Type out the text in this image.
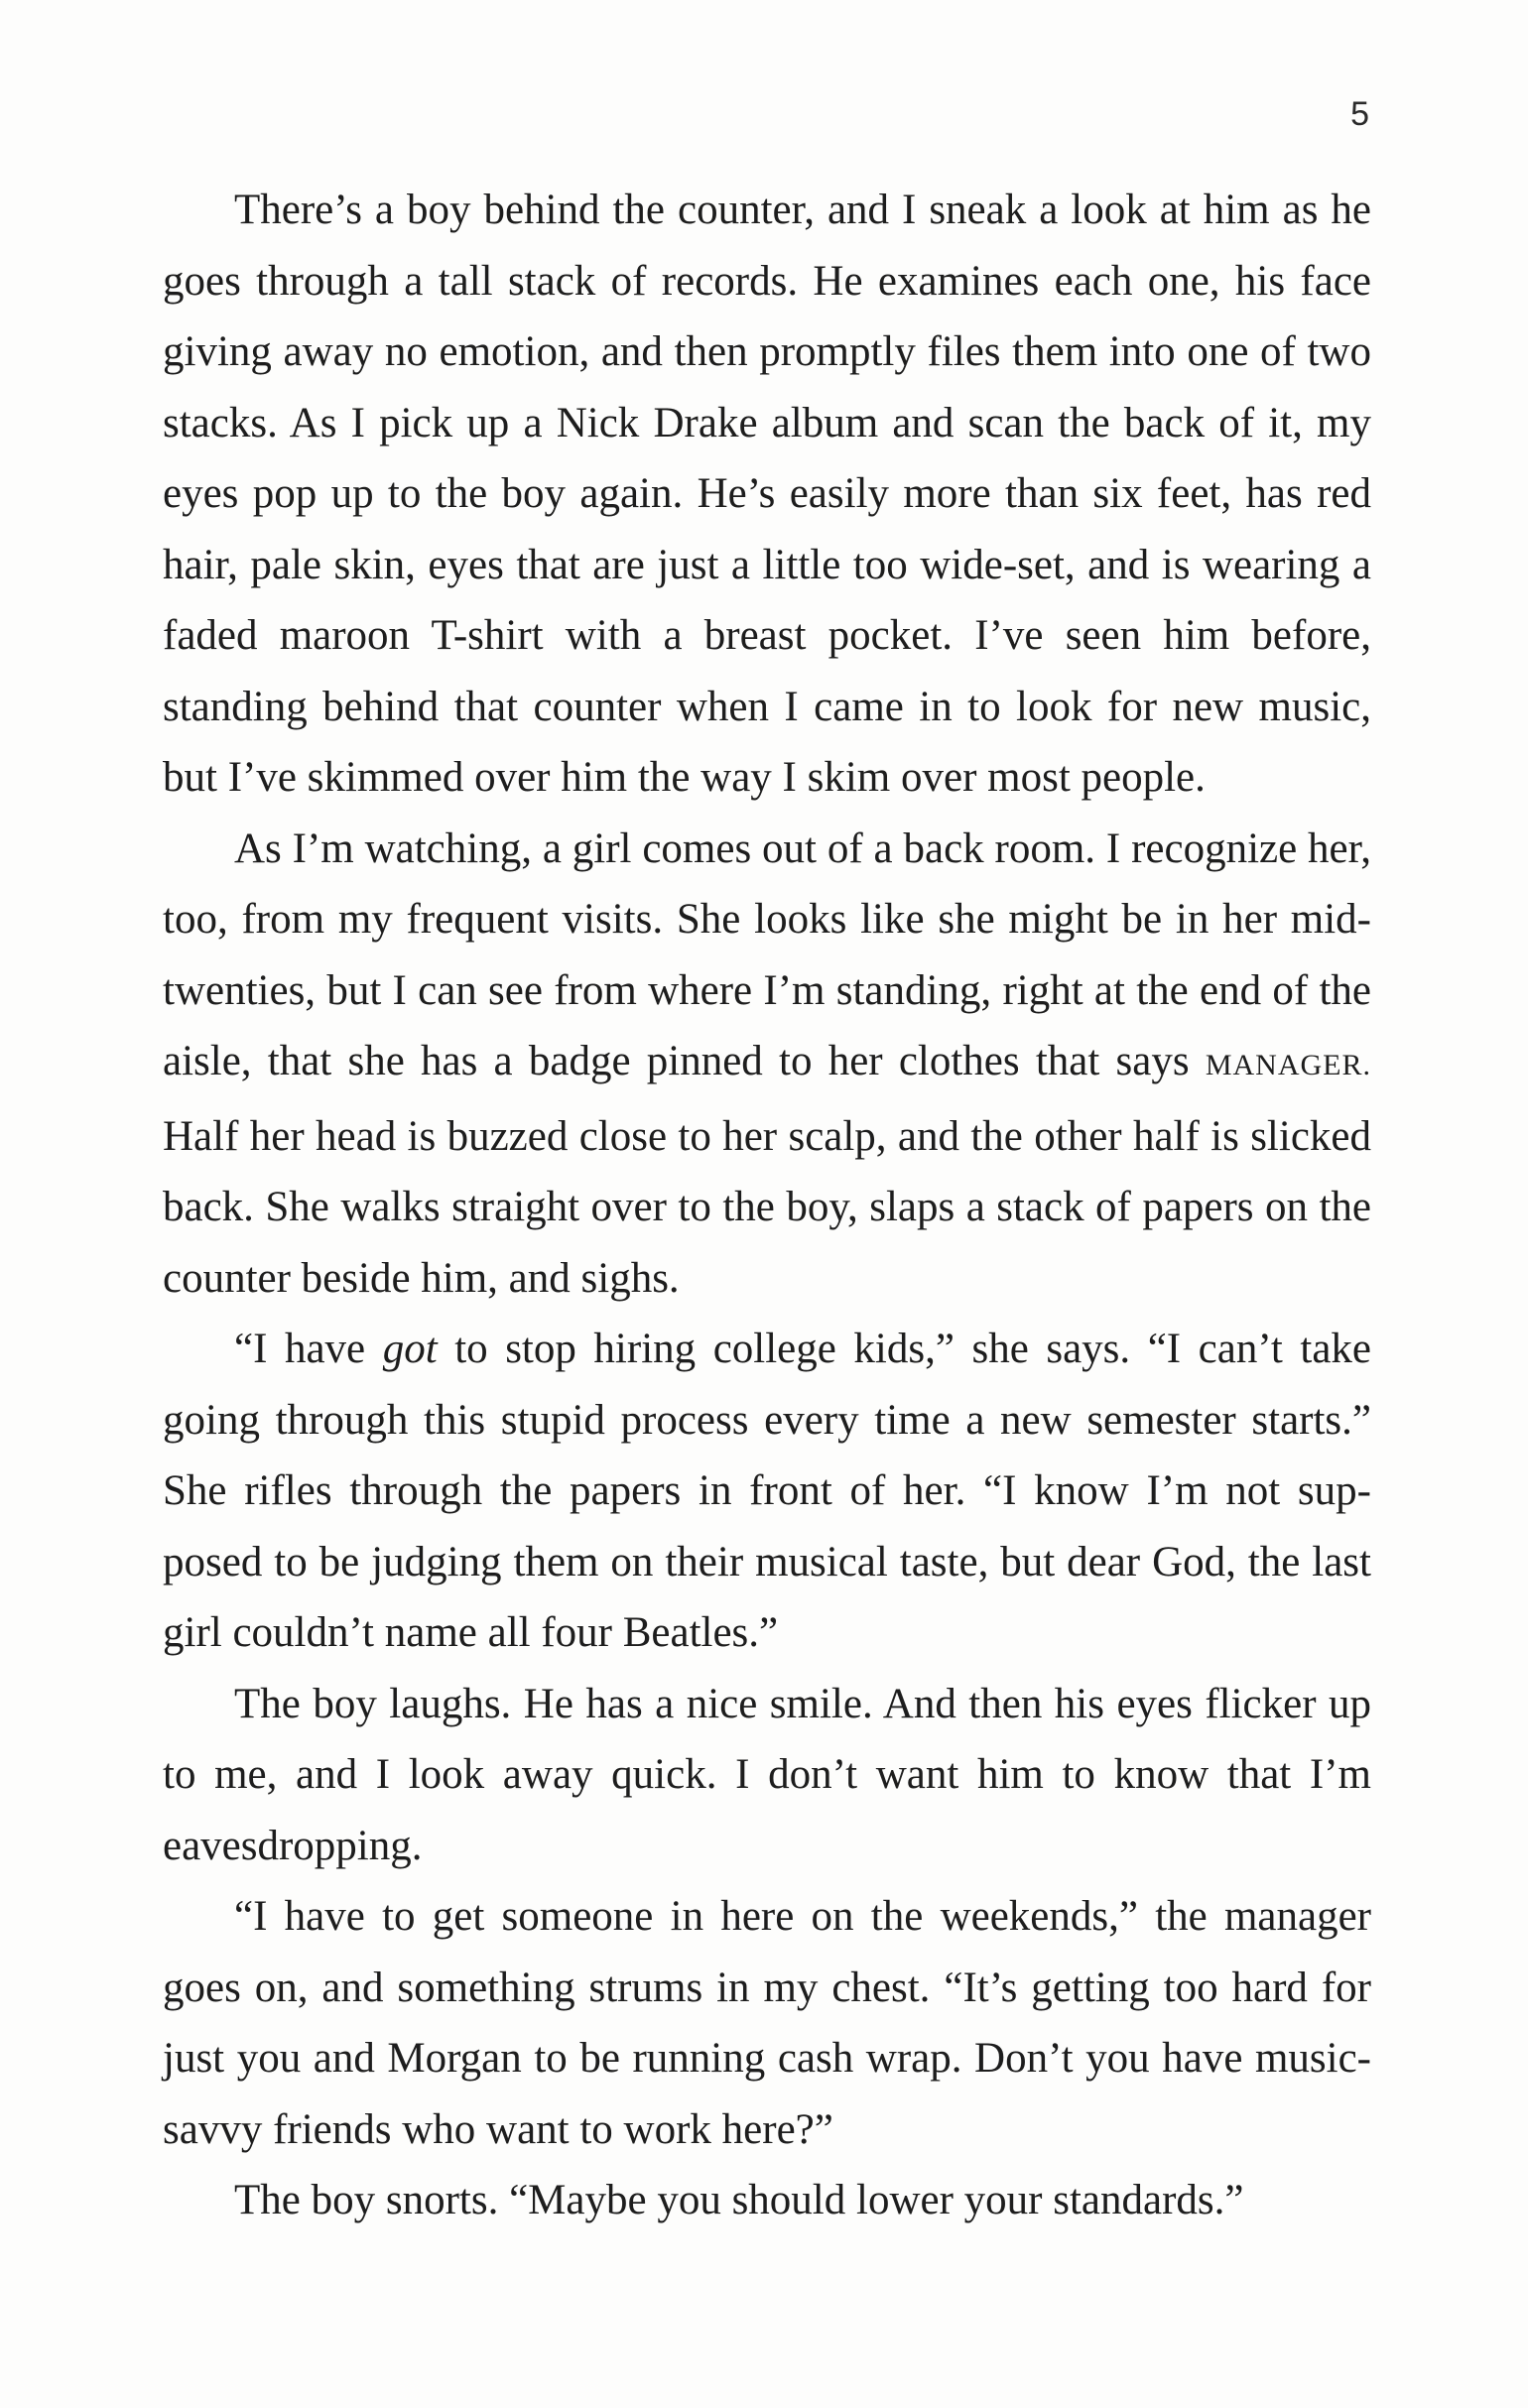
5

There’s a boy behind the counter, and I sneak a look at him as he goes through a tall stack of records. He examines each one, his face giving away no emotion, and then promptly files them into one of two stacks. As I pick up a Nick Drake album and scan the back of it, my eyes pop up to the boy again. He’s easily more than six feet, has red hair, pale skin, eyes that are just a little too wide-set, and is wearing a faded maroon T-shirt with a breast pocket. I’ve seen him before, standing behind that counter when I came in to look for new music, but I’ve skimmed over him the way I skim over most people.

As I’m watching, a girl comes out of a back room. I recognize her, too, from my frequent visits. She looks like she might be in her mid-twenties, but I can see from where I’m standing, right at the end of the aisle, that she has a badge pinned to her clothes that says MANAGER. Half her head is buzzed close to her scalp, and the other half is slicked back. She walks straight over to the boy, slaps a stack of papers on the counter beside him, and sighs.

“I have got to stop hiring college kids,” she says. “I can’t take going through this stupid process every time a new semester starts.” She rifles through the papers in front of her. “I know I’m not sup-posed to be judging them on their musical taste, but dear God, the last girl couldn’t name all four Beatles.”

The boy laughs. He has a nice smile. And then his eyes flicker up to me, and I look away quick. I don’t want him to know that I’m eavesdropping.

“I have to get someone in here on the weekends,” the manager goes on, and something strums in my chest. “It’s getting too hard for just you and Morgan to be running cash wrap. Don’t you have music-savvy friends who want to work here?”

The boy snorts. “Maybe you should lower your standards.”
